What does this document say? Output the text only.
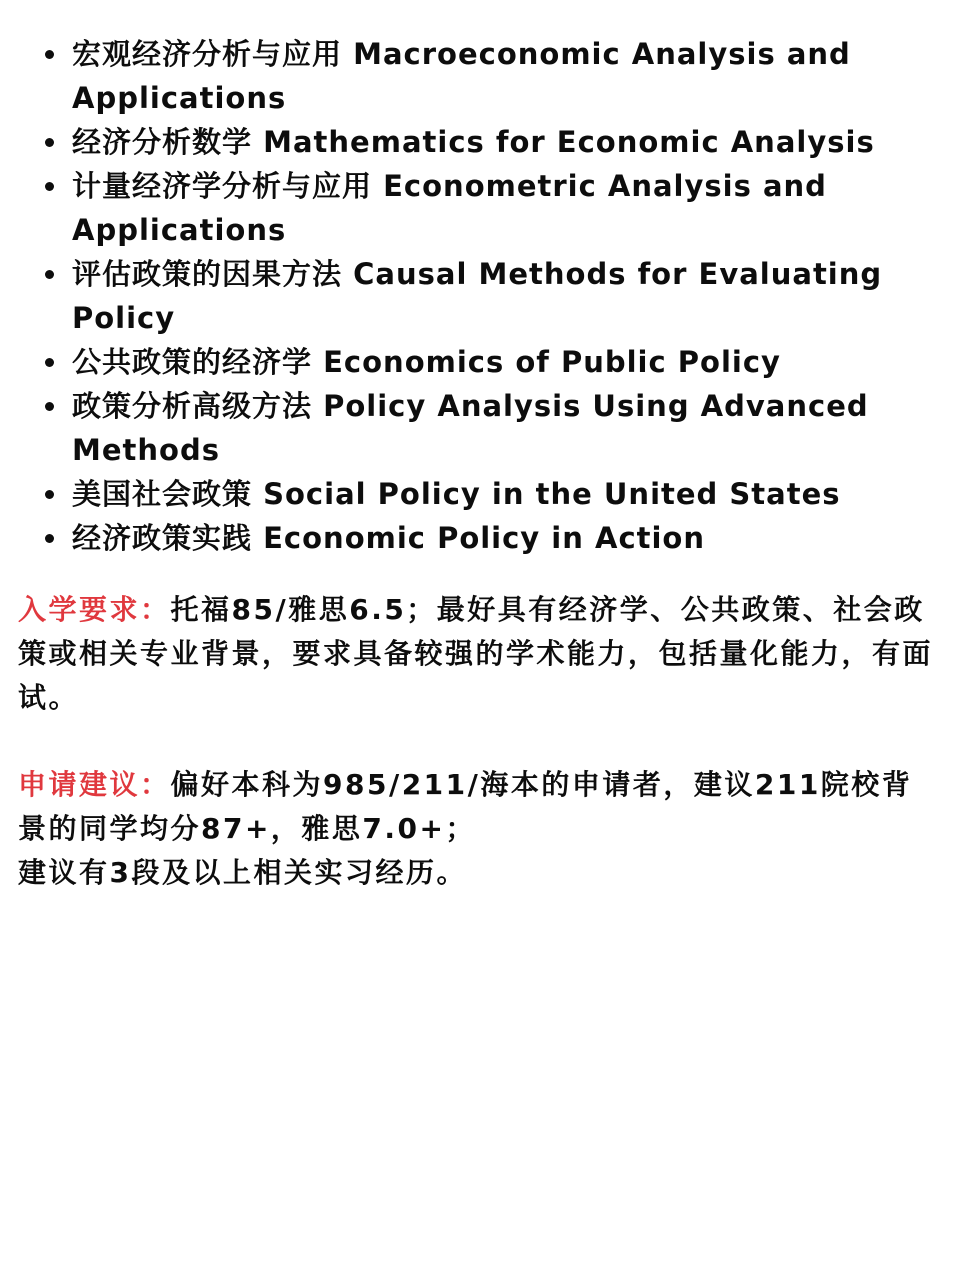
宏观经济分析与应用 Macroeconomic Analysis and Applications
经济分析数学 Mathematics for Economic Analysis
计量经济学分析与应用 Econometric Analysis and Applications
评估政策的因果方法 Causal Methods for Evaluating Policy
公共政策的经济学 Economics of Public Policy
政策分析高级方法 Policy Analysis Using Advanced Methods
美国社会政策 Social Policy in the United States
经济政策实践 Economic Policy in Action

入学要求：托福85/雅思6.5；最好具有经济学、公共政策、社会政策或相关专业背景，要求具备较强的学术能力，包括量化能力，有面试。

申请建议：偏好本科为985/211/海本的申请者，建议211院校背景的同学均分87+，雅思7.0+；
建议有3段及以上相关实习经历。
